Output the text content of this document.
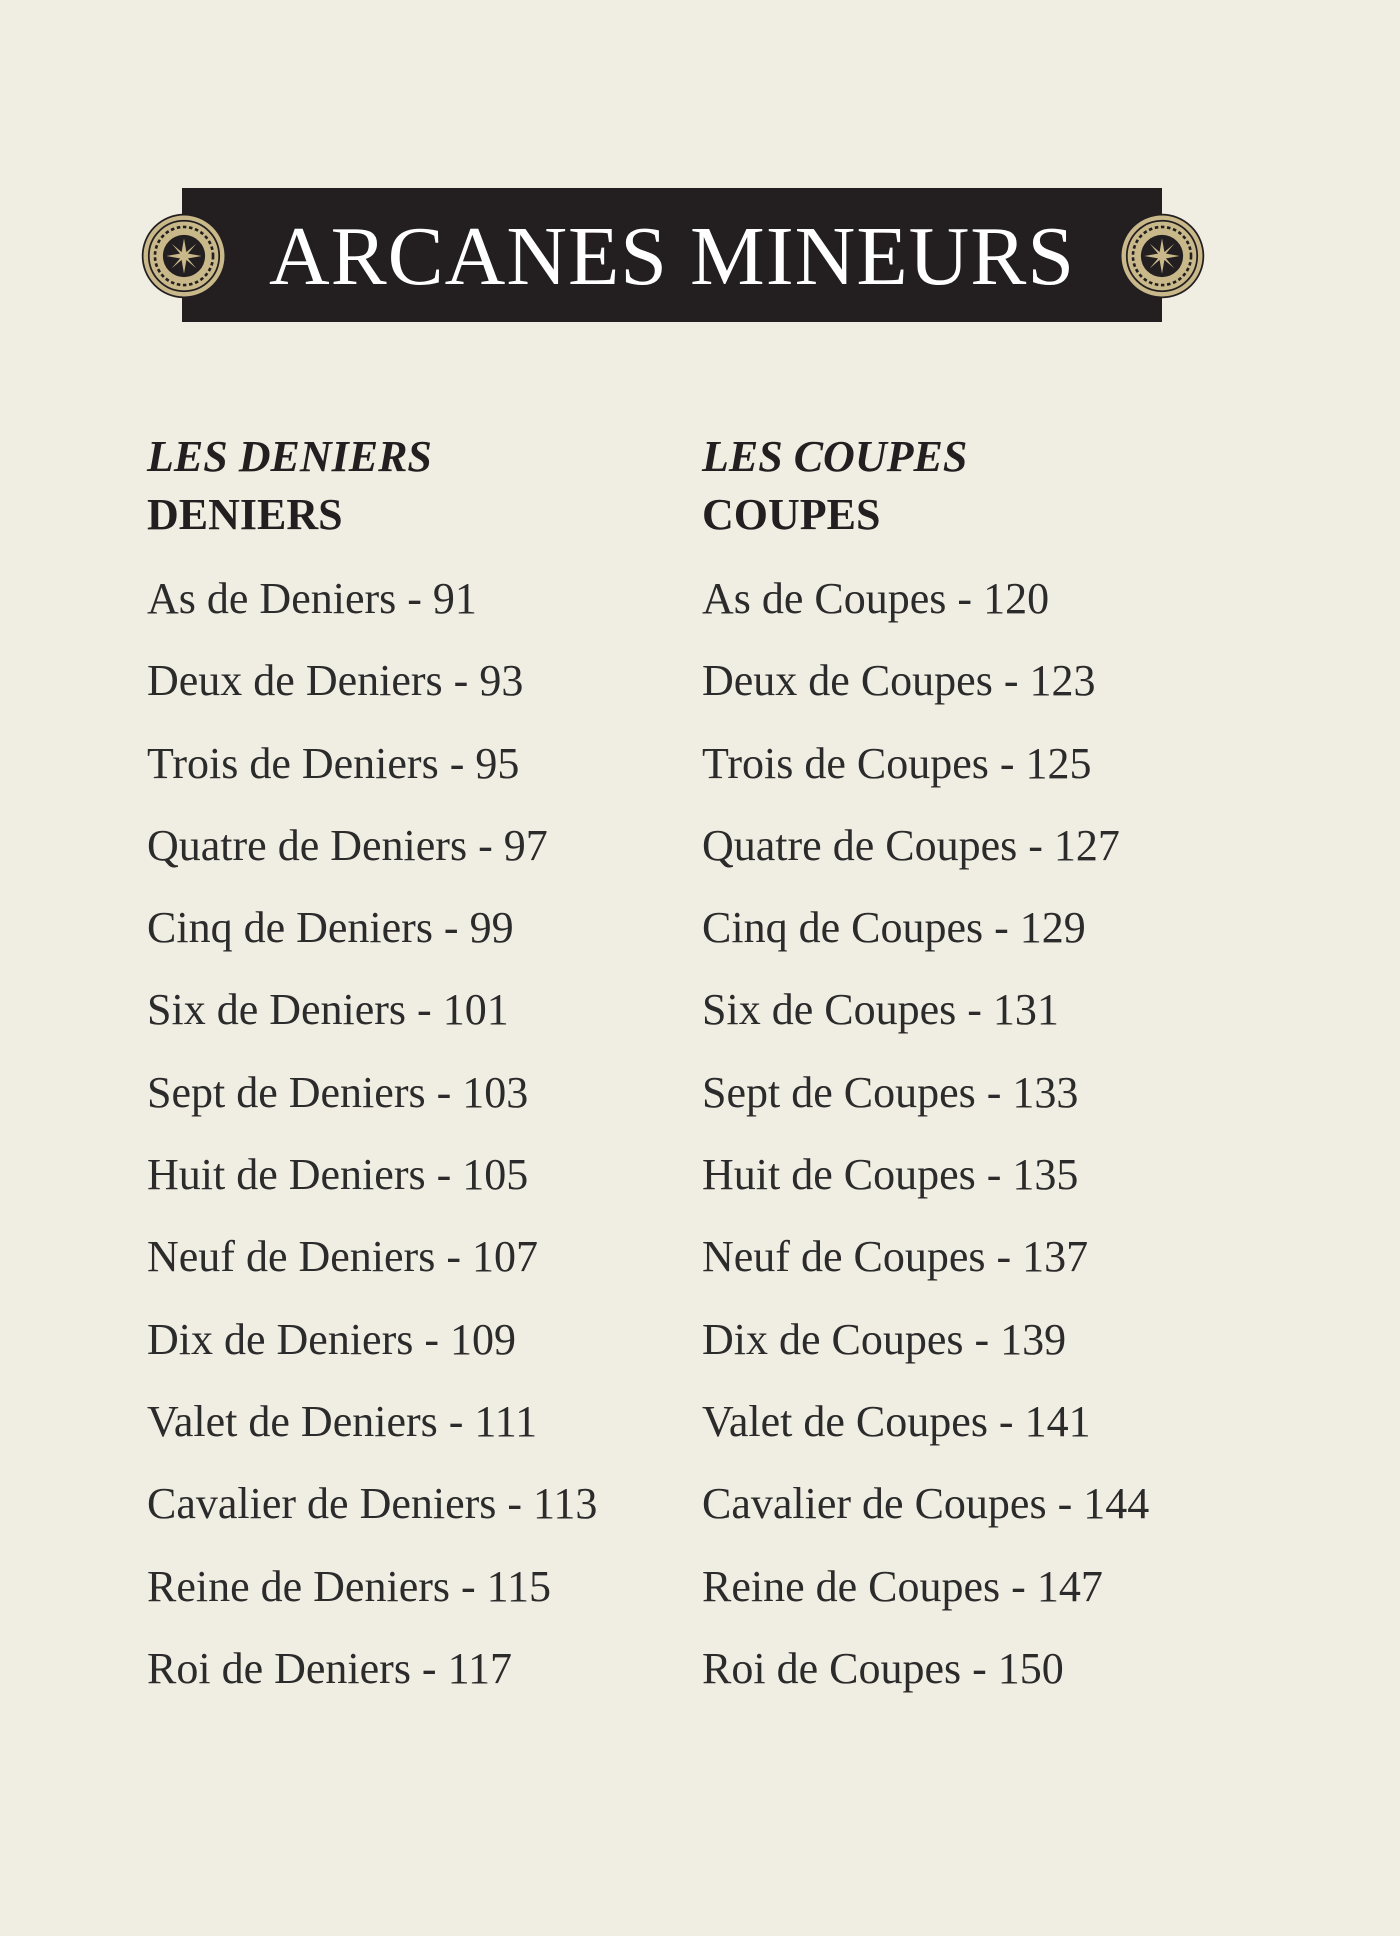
ARCANES MINEURS
LES DENIERS
DENIERS
As de Deniers - 91
Deux de Deniers - 93
Trois de Deniers - 95
Quatre de Deniers - 97
Cinq de Deniers - 99
Six de Deniers - 101
Sept de Deniers - 103
Huit de Deniers - 105
Neuf de Deniers - 107
Dix de Deniers - 109
Valet de Deniers - 111
Cavalier de Deniers - 113
Reine de Deniers - 115
Roi de Deniers - 117
LES COUPES
COUPES
As de Coupes - 120
Deux de Coupes - 123
Trois de Coupes - 125
Quatre de Coupes - 127
Cinq de Coupes - 129
Six de Coupes - 131
Sept de Coupes - 133
Huit de Coupes - 135
Neuf de Coupes - 137
Dix de Coupes - 139
Valet de Coupes - 141
Cavalier de Coupes - 144
Reine de Coupes - 147
Roi de Coupes - 150
